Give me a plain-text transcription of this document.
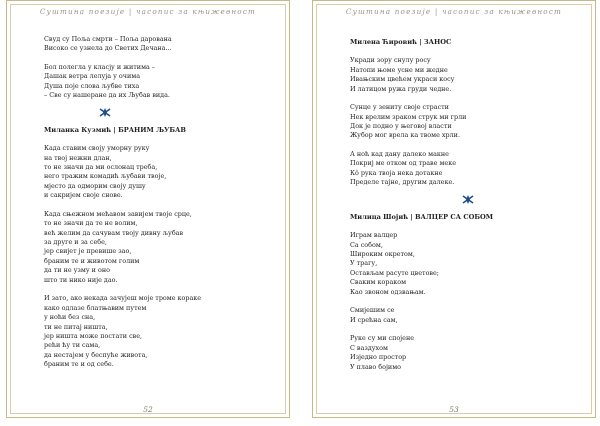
Суштина поезије | часопис за књижевност
Свуд су Поља смрти – Поља дарована
Високо се узнела до Светих Дечана...
Бол полегла у класју и житима –
Дашак ветра лелуја у очима
Душа поје слова љубве тиха
– Све су нашеране да их Љубав вида.
Миланка Кузмић | БРАНИМ ЉУБАВ
Када ставим своју уморну руку
на твој нежни длан,
то не значи да ми ослонац треба,
него тражим комадић љубави твоје,
мјесто да одморим своју душу
и сакријем своје снове.
Када сњежном мећавом завијем твоје срце,
то не значи да те не волим,
већ желим да сачувам твоју дивну љубав
за друге и за себе,
јер свијет је превише зао,
браним те и животом голим
да ти не узму и оно
што ти нико није дао.
И зато, ако некада зачујеш моје троме кораке
како одлазе блатњавим путем
у ноћи без сна,
ти не питај ништа,
јер ништа може постати све,
рећи ћу ти сама,
да нестајем у беспуће живота,
браним те и од себе.
52
Суштина поезије | часопис за књижевност
Милена Ћировић | ЗАНОС
Укради зору снулу росу
Натопи њоме усне ми жедне
Ивањским цвећем украси косу
И латицом ружа груди чедне.
Сунце у зениту своје страсти
Нек врелим зраком струк ми грли
Док је подно у његовој власти
Жубор мог врела ка твоме хрли.
А ноћ кад дану далеко макне
Покриј ме отком од траве меке
Кô рука твоја нека дотакне
Пределе тајне, другим далеке.
Милица Шојић | ВАЛЦЕР СА СОБОМ
Играм валцер
Са собом,
Широким окретом,
У трагу,
Остављам расуте цветове;
Сваким кораком
Као звоном одзвањам.
Смијешим се
И срећна сам,
Руке су ми спојене
С ваздухом
Изједно простор
У плаво бојимо
53
